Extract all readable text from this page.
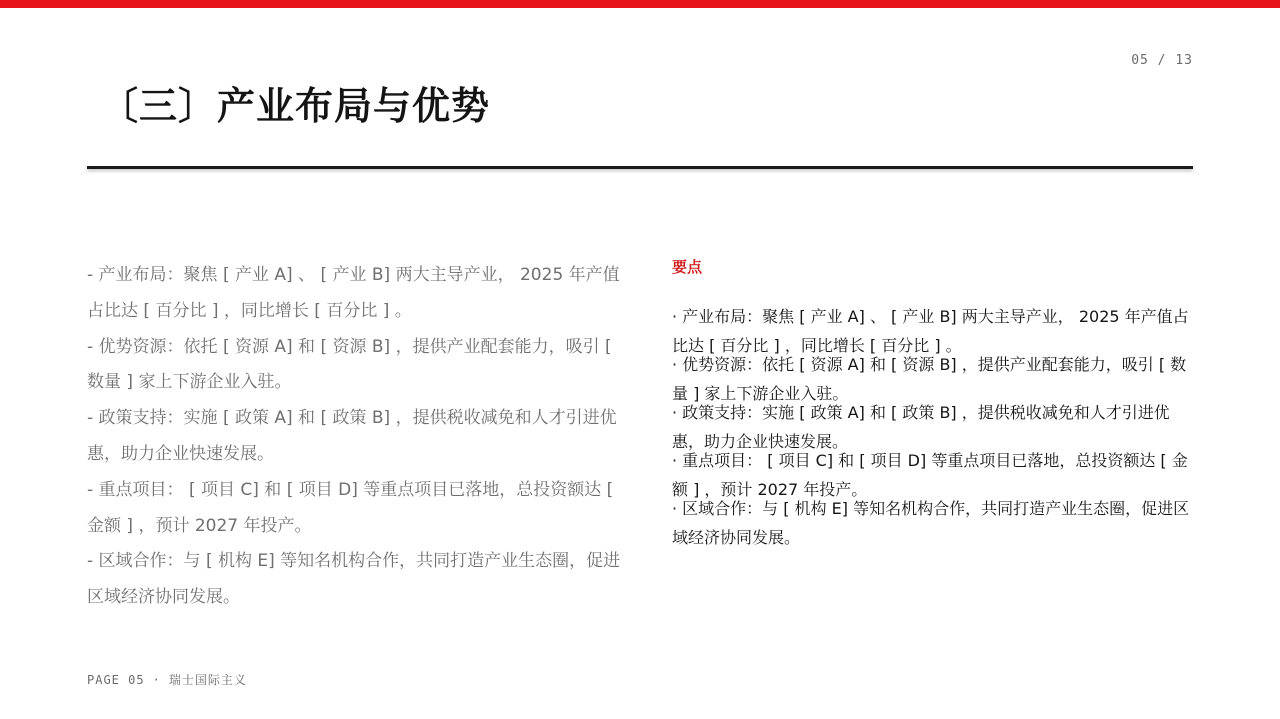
05 / 13
〔三〕产业布局与优势
- 产业布局：聚焦 [ 产业 A] 、 [ 产业 B] 两大主导产业， 2025 年产值占比达 [ 百分比 ] ，同比增长 [ 百分比 ] 。
- 优势资源：依托 [ 资源 A] 和 [ 资源 B] ，提供产业配套能力，吸引 [ 数量 ] 家上下游企业入驻。
- 政策支持：实施 [ 政策 A] 和 [ 政策 B] ，提供税收减免和人才引进优惠，助力企业快速发展。
- 重点项目： [ 项目 C] 和 [ 项目 D] 等重点项目已落地，总投资额达 [ 金额 ] ，预计 2027 年投产。
- 区域合作：与 [ 机构 E] 等知名机构合作，共同打造产业生态圈，促进区域经济协同发展。
要点
· 产业布局：聚焦 [ 产业 A] 、 [ 产业 B] 两大主导产业， 2025 年产值占比达 [ 百分比 ] ，同比增长 [ 百分比 ] 。
· 优势资源：依托 [ 资源 A] 和 [ 资源 B] ，提供产业配套能力，吸引 [ 数量 ] 家上下游企业入驻。
· 政策支持：实施 [ 政策 A] 和 [ 政策 B] ，提供税收减免和人才引进优惠，助力企业快速发展。
· 重点项目： [ 项目 C] 和 [ 项目 D] 等重点项目已落地，总投资额达 [ 金额 ] ，预计 2027 年投产。
· 区域合作：与 [ 机构 E] 等知名机构合作，共同打造产业生态圈，促进区域经济协同发展。
PAGE 05 · 瑞士国际主义
